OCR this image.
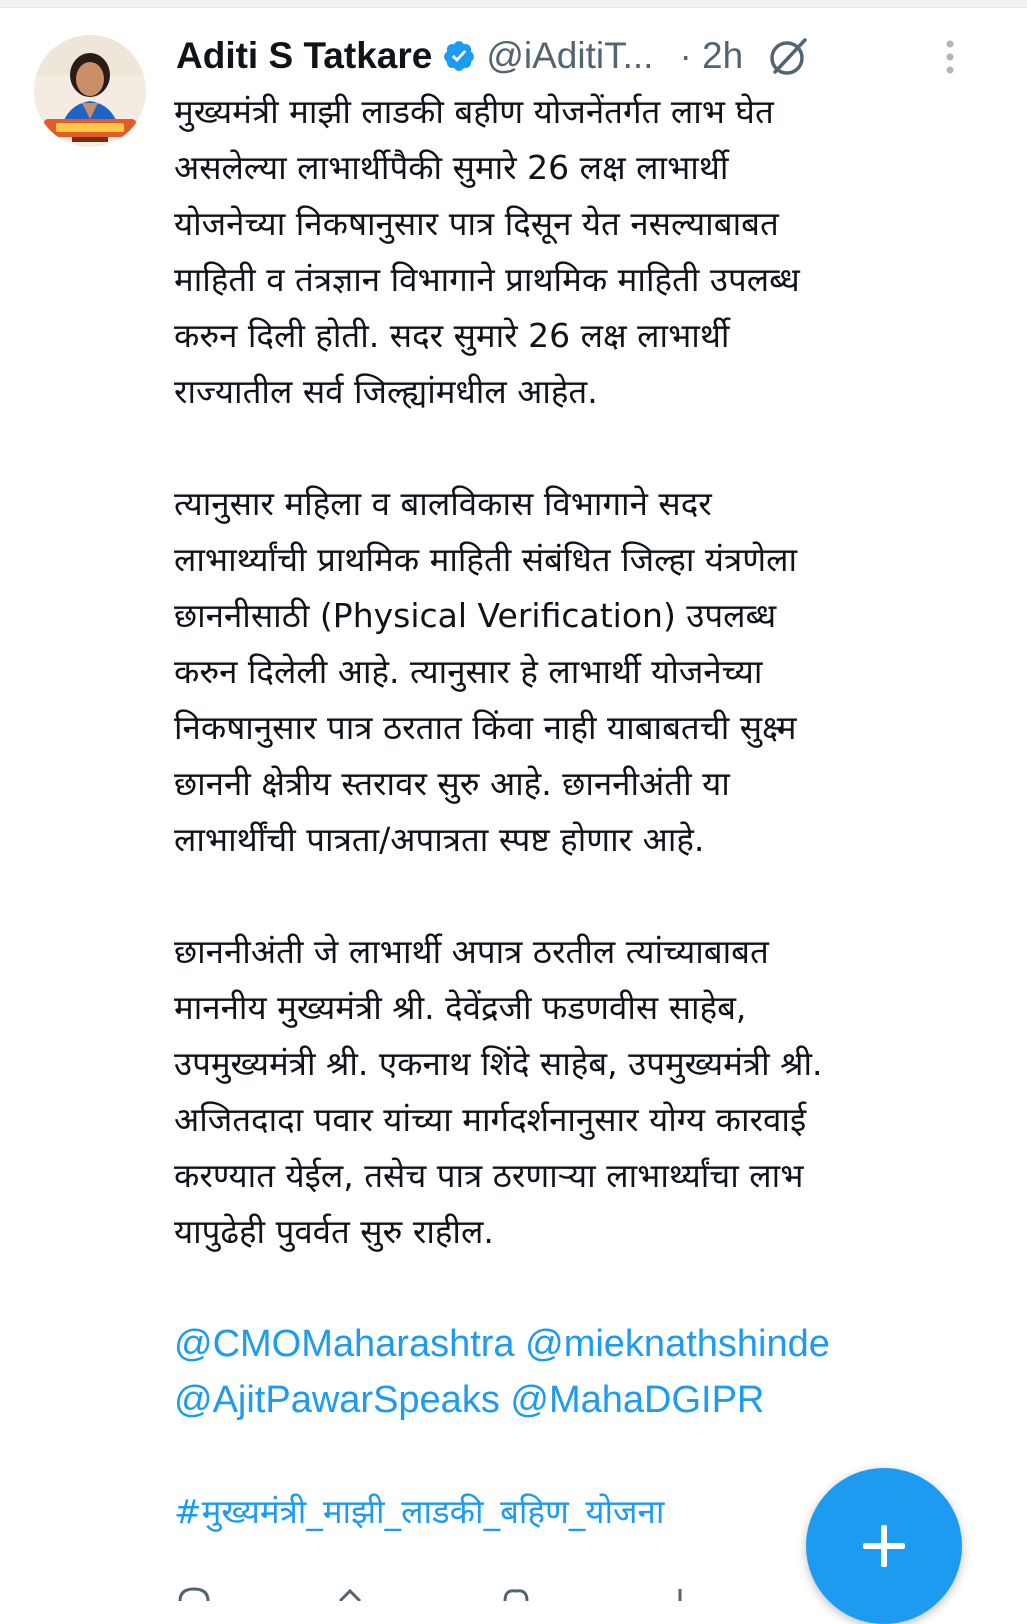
Aditi S Tatkare @iAditiT... · 2h
मुख्यमंत्री माझी लाडकी बहीण योजनेंतर्गत लाभ घेत
असलेल्या लाभार्थीपैकी सुमारे 26 लक्ष लाभार्थी
योजनेच्या निकषानुसार पात्र दिसून येत नसल्याबाबत
माहिती व तंत्रज्ञान विभागाने प्राथमिक माहिती उपलब्ध
करुन दिली होती. सदर सुमारे 26 लक्ष लाभार्थी
राज्यातील सर्व जिल्ह्यांमधील आहेत.
त्यानुसार महिला व बालविकास विभागाने सदर
लाभार्थ्यांची प्राथमिक माहिती संबंधित जिल्हा यंत्रणेला
छाननीसाठी (Physical Verification) उपलब्ध
करुन दिलेली आहे. त्यानुसार हे लाभार्थी योजनेच्या
निकषानुसार पात्र ठरतात किंवा नाही याबाबतची सुक्ष्म
छाननी क्षेत्रीय स्तरावर सुरु आहे. छाननीअंती या
लाभार्थींची पात्रता/अपात्रता स्पष्ट होणार आहे.
छाननीअंती जे लाभार्थी अपात्र ठरतील त्यांच्याबाबत
माननीय मुख्यमंत्री श्री. देवेंद्रजी फडणवीस साहेब,
उपमुख्यमंत्री श्री. एकनाथ शिंदे साहेब, उपमुख्यमंत्री श्री.
अजितदादा पवार यांच्या मार्गदर्शनानुसार योग्य कारवाई
करण्यात येईल, तसेच पात्र ठरणाऱ्या लाभार्थ्यांचा लाभ
यापुढेही पुवर्वत सुरु राहील.
@CMOMaharashtra @mieknathshinde
@AjitPawarSpeaks @MahaDGIPR
#मुख्यमंत्री_माझी_लाडकी_बहिण_योजना
